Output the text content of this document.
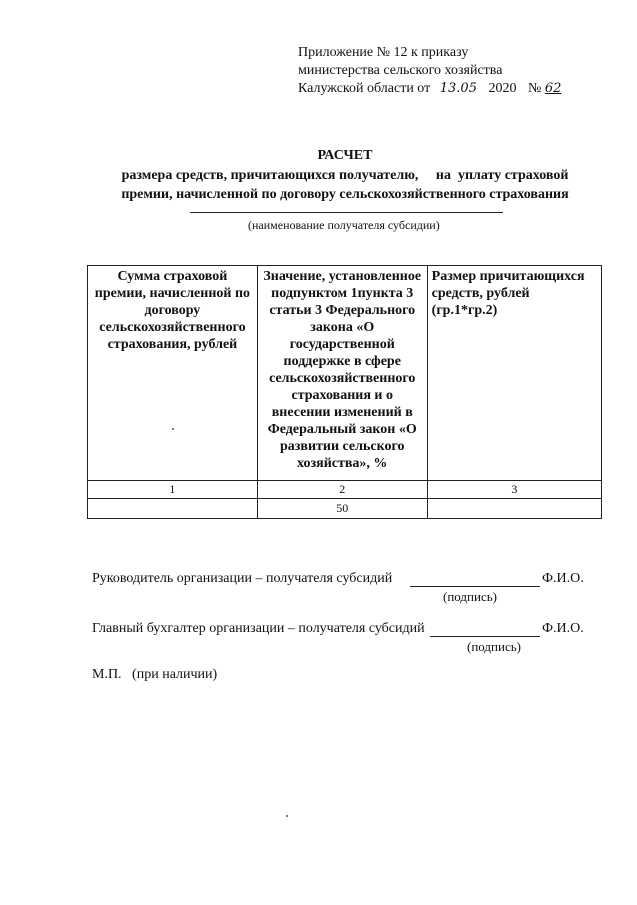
Приложение № 12 к приказу
министерства сельского хозяйства
Калужской области от 13.05 2020 № 62
РАСЧЕТ
размера средств, причитающихся получателю,     на  уплату страховой
премии, начисленной по договору сельскохозяйственного страхования
(наименование получателя субсидии)
Сумма страховой премии, начисленной по договору сельскохозяйственного страхования, рублей	Значение, установленное подпунктом 1пункта 3 статьи 3 Федерального закона «О государственной поддержке в сфере сельскохозяйственного страхования и о внесении изменений в Федеральный закон «О развитии сельского хозяйства», %	Размер причитающихся средств, рублей (гр.1*гр.2)
1	2	3
	50	
Руководитель организации – получателя субсидий	Ф.И.О.
(подпись)
Главный бухгалтер организации – получателя субсидий	Ф.И.О.
(подпись)
М.П.   (при наличии)
